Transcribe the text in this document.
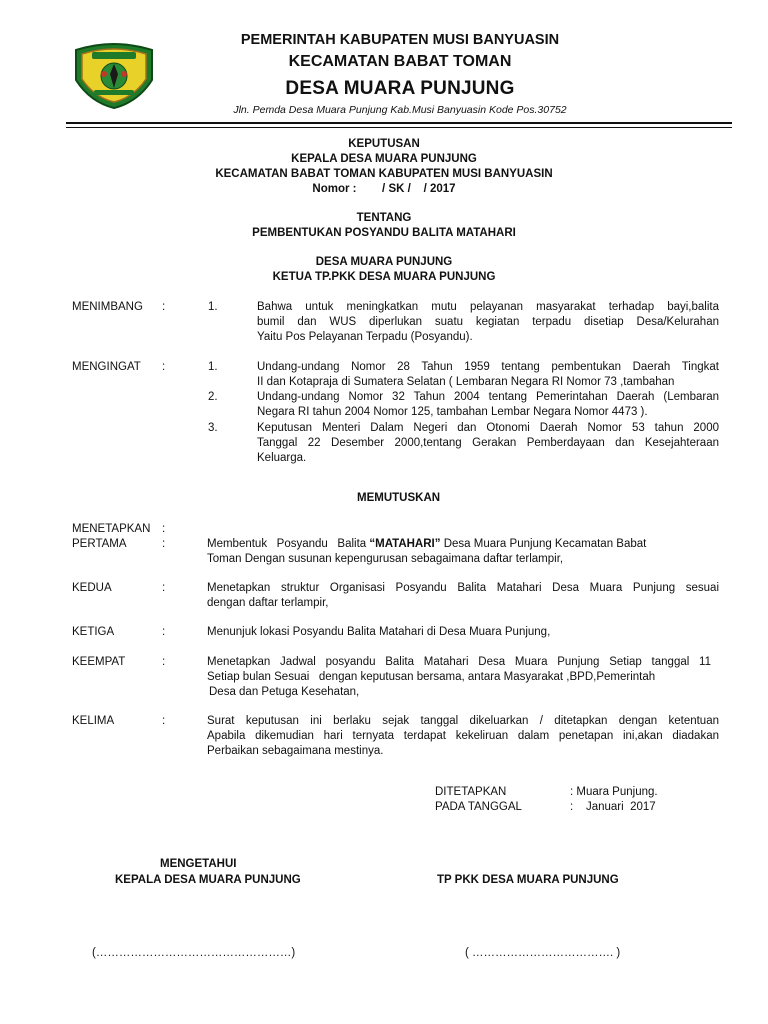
PEMERINTAH KABUPATEN MUSI BANYUASIN
KECAMATAN BABAT TOMAN
DESA MUARA PUNJUNG
Jln. Pemda Desa Muara Punjung Kab.Musi Banyuasin Kode Pos.30752
KEPUTUSAN
KEPALA DESA MUARA PUNJUNG
KECAMATAN BABAT TOMAN KABUPATEN MUSI BANYUASIN
Nomor :        / SK /    / 2017
TENTANG
PEMBENTUKAN POSYANDU BALITA MATAHARI
DESA MUARA PUNJUNG
KETUA TP.PKK DESA MUARA PUNJUNG
MENIMBANG :	1.	Bahwa untuk meningkatkan mutu pelayanan masyarakat terhadap bayi,balita
bumil dan WUS diperlukan suatu kegiatan terpadu disetiap Desa/Kelurahan
Yaitu Pos Pelayanan Terpadu (Posyandu).
MENGINGAT :	1.	Undang-undang Nomor 28 Tahun 1959 tentang pembentukan Daerah Tingkat
II dan Kotapraja di Sumatera Selatan ( Lembaran Negara RI Nomor 73 ,tambahan
2.	Undang-undang Nomor 32 Tahun 2004 tentang Pemerintahan Daerah (Lembaran
Negara RI tahun 2004 Nomor 125, tambahan Lembar Negara Nomor 4473 ).
3.	Keputusan Menteri Dalam Negeri dan Otonomi Daerah Nomor 53 tahun 2000
Tanggal 22 Desember 2000,tentang Gerakan Pemberdayaan dan Kesejahteraan
Keluarga.
MEMUTUSKAN
MENETAPKAN :
PERTAMA	:	Membentuk   Posyandu   Balita “MATAHARI” Desa Muara Punjung Kecamatan Babat
Toman Dengan susunan kepengurusan sebagaimana daftar terlampir,
KEDUA	:	Menetapkan struktur Organisasi Posyandu Balita Matahari Desa Muara Punjung sesuai
dengan daftar terlampir,
KETIGA	:	Menunjuk lokasi Posyandu Balita Matahari di Desa Muara Punjung,
KEEMPAT	:	Menetapkan Jadwal posyandu Balita Matahari Desa Muara Punjung Setiap tanggal 11
Setiap bulan Sesuai   dengan keputusan bersama, antara Masyarakat ,BPD,Pemerintah
Desa dan Petuga Kesehatan,
KELIMA	:	Surat keputusan ini berlaku sejak tanggal dikeluarkan / ditetapkan dengan ketentuan
Apabila dikemudian hari ternyata terdapat kekeliruan dalam penetapan ini,akan diadakan
Perbaikan sebagaimana mestinya.
DITETAPKAN	: Muara Punjung.
PADA TANGGAL	:    Januari  2017
MENGETAHUI
KEPALA DESA MUARA PUNJUNG	TP PKK DESA MUARA PUNJUNG
(……………………………………………)	( ………………………………. )
